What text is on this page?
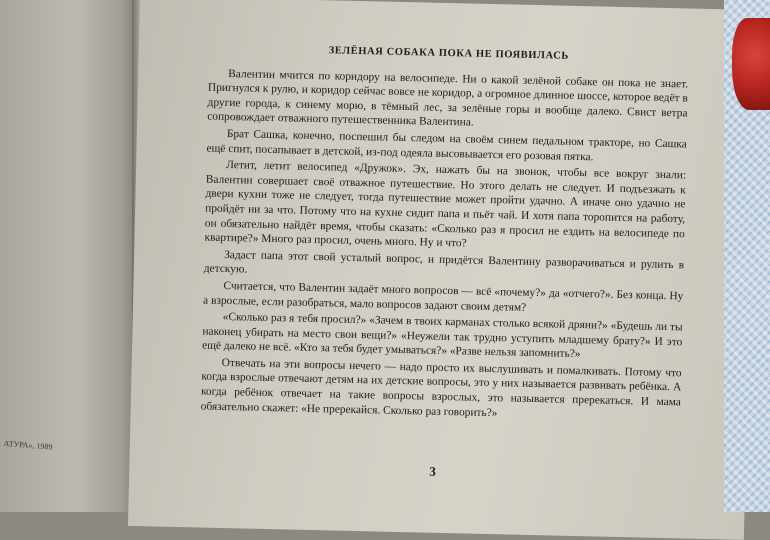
АТУРА», 1989
ЗЕЛЁНАЯ СОБАКА ПОКА НЕ ПОЯВИЛАСЬ

Валентин мчится по коридору на велосипеде. Ни о какой зелёной собаке он пока не знает. Пригнулся к рулю, и коридор сейчас вовсе не коридор, а огромное длинное шоссе, которое ведёт в другие города, к синему морю, в тёмный лес, за зелёные горы и вообще далеко. Свист ветра сопровождает отважного путешественника Валентина.

Брат Сашка, конечно, поспешил бы следом на своём синем педальном тракторе, но Сашка ещё спит, посапывает в детской, из-под одеяла высовывается его розовая пятка.

Летит, летит велосипед «Дружок». Эх, нажать бы на звонок, чтобы все вокруг знали: Валентин совершает своё отважное путешествие. Но этого делать не следует. И подъезжать к двери кухни тоже не следует, тогда путешествие может пройти удачно. А иначе оно удачно не пройдёт ни за что. Потому что на кухне сидит папа и пьёт чай. И хотя папа торопится на работу, он обязательно найдёт время, чтобы сказать: «Сколько раз я просил не ездить на велосипеде по квартире?» Много раз просил, очень много. Ну и что?

Задаст папа этот свой усталый вопрос, и придётся Валентину разворачиваться и рулить в детскую.

Считается, что Валентин задаёт много вопросов — всё «почему?» да «отчего?». Без конца. Ну а взрослые, если разобраться, мало вопросов задают своим детям?

«Сколько раз я тебя просил?» «Зачем в твоих карманах столько всякой дряни?» «Будешь ли ты наконец убирать на место свои вещи?» «Неужели так трудно уступить младшему брату?» И это ещё далеко не всё. «Кто за тебя будет умываться?» «Разве нельзя запомнить?»

Отвечать на эти вопросы нечего — надо просто их выслушивать и помалкивать. Потому что когда взрослые отвечают детям на их детские вопросы, это у них называется развивать ребёнка. А когда ребёнок отвечает на такие вопросы взрослых, это называется пререкаться. И мама обязательно скажет: «Не пререкайся. Сколько раз говорить?»

3
